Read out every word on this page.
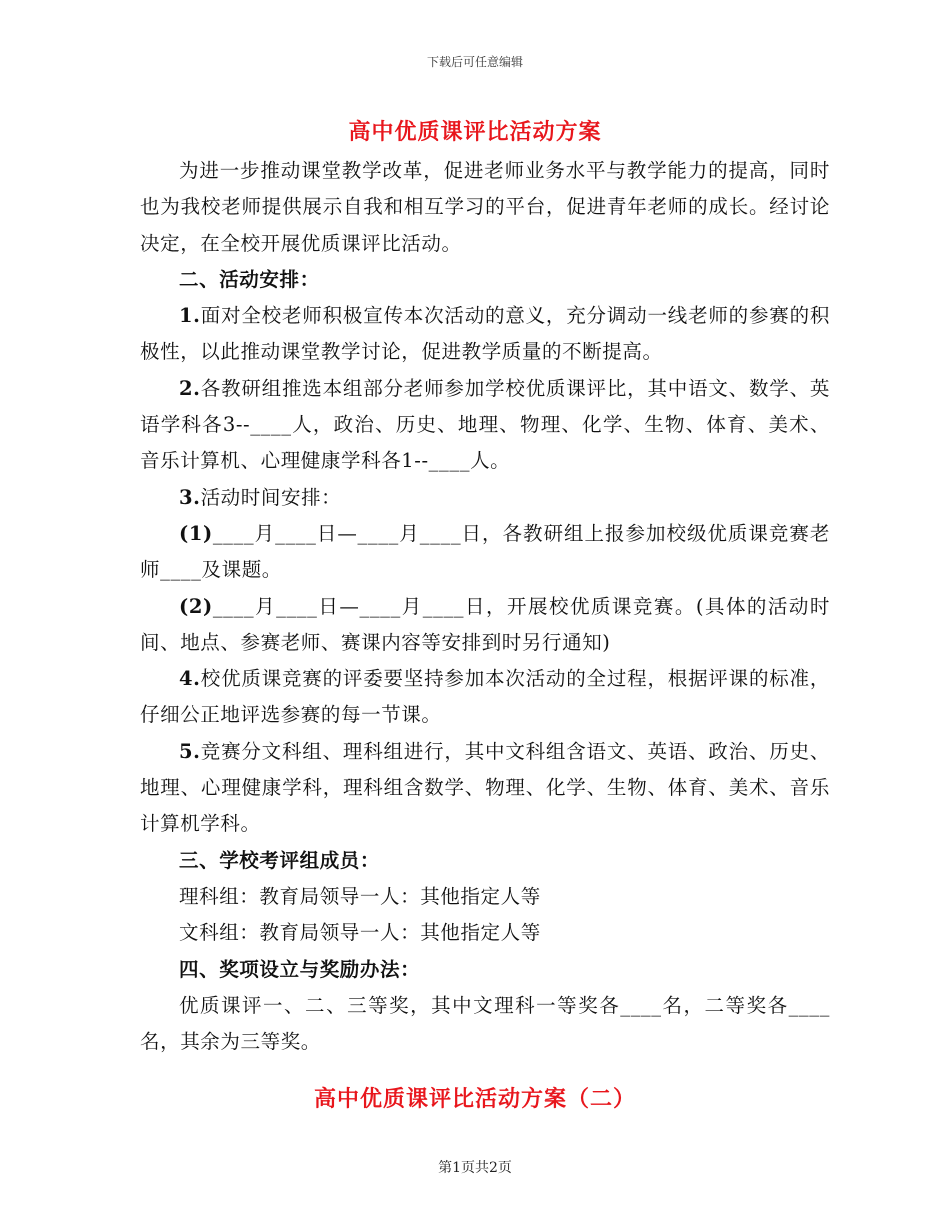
下载后可任意编辑
高中优质课评比活动方案

为进一步推动课堂教学改革，促进老师业务水平与教学能力的提高，同时也为我校老师提供展示自我和相互学习的平台，促进青年老师的成长。经讨论决定，在全校开展优质课评比活动。

二、活动安排：

1.面对全校老师积极宣传本次活动的意义，充分调动一线老师的参赛的积极性，以此推动课堂教学讨论，促进教学质量的不断提高。

2.各教研组推选本组部分老师参加学校优质课评比，其中语文、数学、英语学科各3--____人，政治、历史、地理、物理、化学、生物、体育、美术、音乐计算机、心理健康学科各1--____人。

3.活动时间安排：

(1)____月____日—____月____日，各教研组上报参加校级优质课竞赛老师____及课题。

(2)____月____日—____月____日，开展校优质课竞赛。(具体的活动时间、地点、参赛老师、赛课内容等安排到时另行通知)

4.校优质课竞赛的评委要坚持参加本次活动的全过程，根据评课的标准，仔细公正地评选参赛的每一节课。

5.竞赛分文科组、理科组进行，其中文科组含语文、英语、政治、历史、地理、心理健康学科，理科组含数学、物理、化学、生物、体育、美术、音乐计算机学科。

三、学校考评组成员：

理科组：教育局领导一人：其他指定人等

文科组：教育局领导一人：其他指定人等

四、奖项设立与奖励办法：

优质课评一、二、三等奖，其中文理科一等奖各____名，二等奖各____名，其余为三等奖。

高中优质课评比活动方案（二）
第1页共2页
